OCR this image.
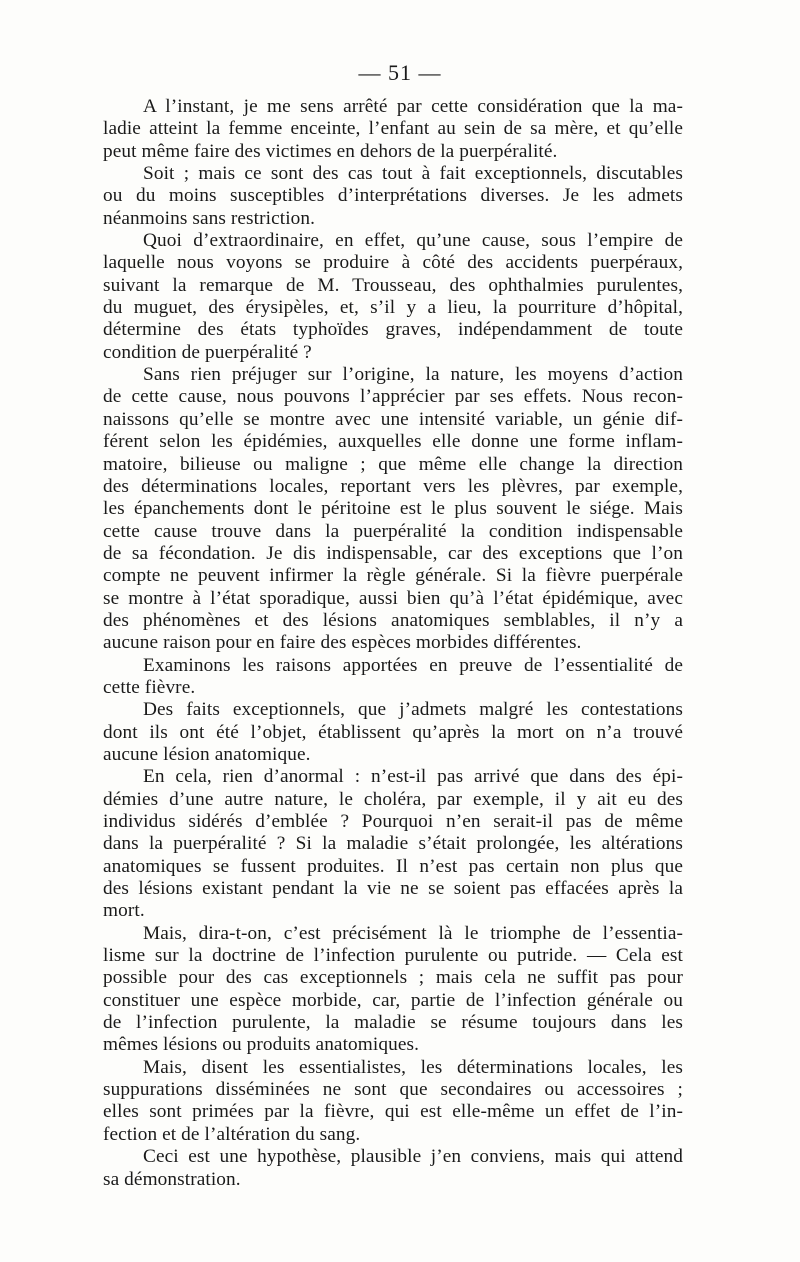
— 51 —
A l’instant, je me sens arrêté par cette considération que la ma-
ladie atteint la femme enceinte, l’enfant au sein de sa mère, et qu’elle
peut même faire des victimes en dehors de la puerpéralité.
Soit ; mais ce sont des cas tout à fait exceptionnels, discutables
ou du moins susceptibles d’interprétations diverses. Je les admets
néanmoins sans restriction.
Quoi d’extraordinaire, en effet, qu’une cause, sous l’empire de
laquelle nous voyons se produire à côté des accidents puerpéraux,
suivant la remarque de M. Trousseau, des ophthalmies purulentes,
du muguet, des érysipèles, et, s’il y a lieu, la pourriture d’hôpital,
détermine des états typhoïdes graves, indépendamment de toute
condition de puerpéralité ?
Sans rien préjuger sur l’origine, la nature, les moyens d’action
de cette cause, nous pouvons l’apprécier par ses effets. Nous recon-
naissons qu’elle se montre avec une intensité variable, un génie dif-
férent selon les épidémies, auxquelles elle donne une forme inflam-
matoire, bilieuse ou maligne ; que même elle change la direction
des déterminations locales, reportant vers les plèvres, par exemple,
les épanchements dont le péritoine est le plus souvent le siége. Mais
cette cause trouve dans la puerpéralité la condition indispensable
de sa fécondation. Je dis indispensable, car des exceptions que l’on
compte ne peuvent infirmer la règle générale. Si la fièvre puerpérale
se montre à l’état sporadique, aussi bien qu’à l’état épidémique, avec
des phénomènes et des lésions anatomiques semblables, il n’y a
aucune raison pour en faire des espèces morbides différentes.
Examinons les raisons apportées en preuve de l’essentialité de
cette fièvre.
Des faits exceptionnels, que j’admets malgré les contestations
dont ils ont été l’objet, établissent qu’après la mort on n’a trouvé
aucune lésion anatomique.
En cela, rien d’anormal : n’est-il pas arrivé que dans des épi-
démies d’une autre nature, le choléra, par exemple, il y ait eu des
individus sidérés d’emblée ? Pourquoi n’en serait-il pas de même
dans la puerpéralité ? Si la maladie s’était prolongée, les altérations
anatomiques se fussent produites. Il n’est pas certain non plus que
des lésions existant pendant la vie ne se soient pas effacées après la
mort.
Mais, dira-t-on, c’est précisément là le triomphe de l’essentia-
lisme sur la doctrine de l’infection purulente ou putride. — Cela est
possible pour des cas exceptionnels ; mais cela ne suffit pas pour
constituer une espèce morbide, car, partie de l’infection générale ou
de l’infection purulente, la maladie se résume toujours dans les
mêmes lésions ou produits anatomiques.
Mais, disent les essentialistes, les déterminations locales, les
suppurations disséminées ne sont que secondaires ou accessoires ;
elles sont primées par la fièvre, qui est elle-même un effet de l’in-
fection et de l’altération du sang.
Ceci est une hypothèse, plausible j’en conviens, mais qui attend
sa démonstration.
